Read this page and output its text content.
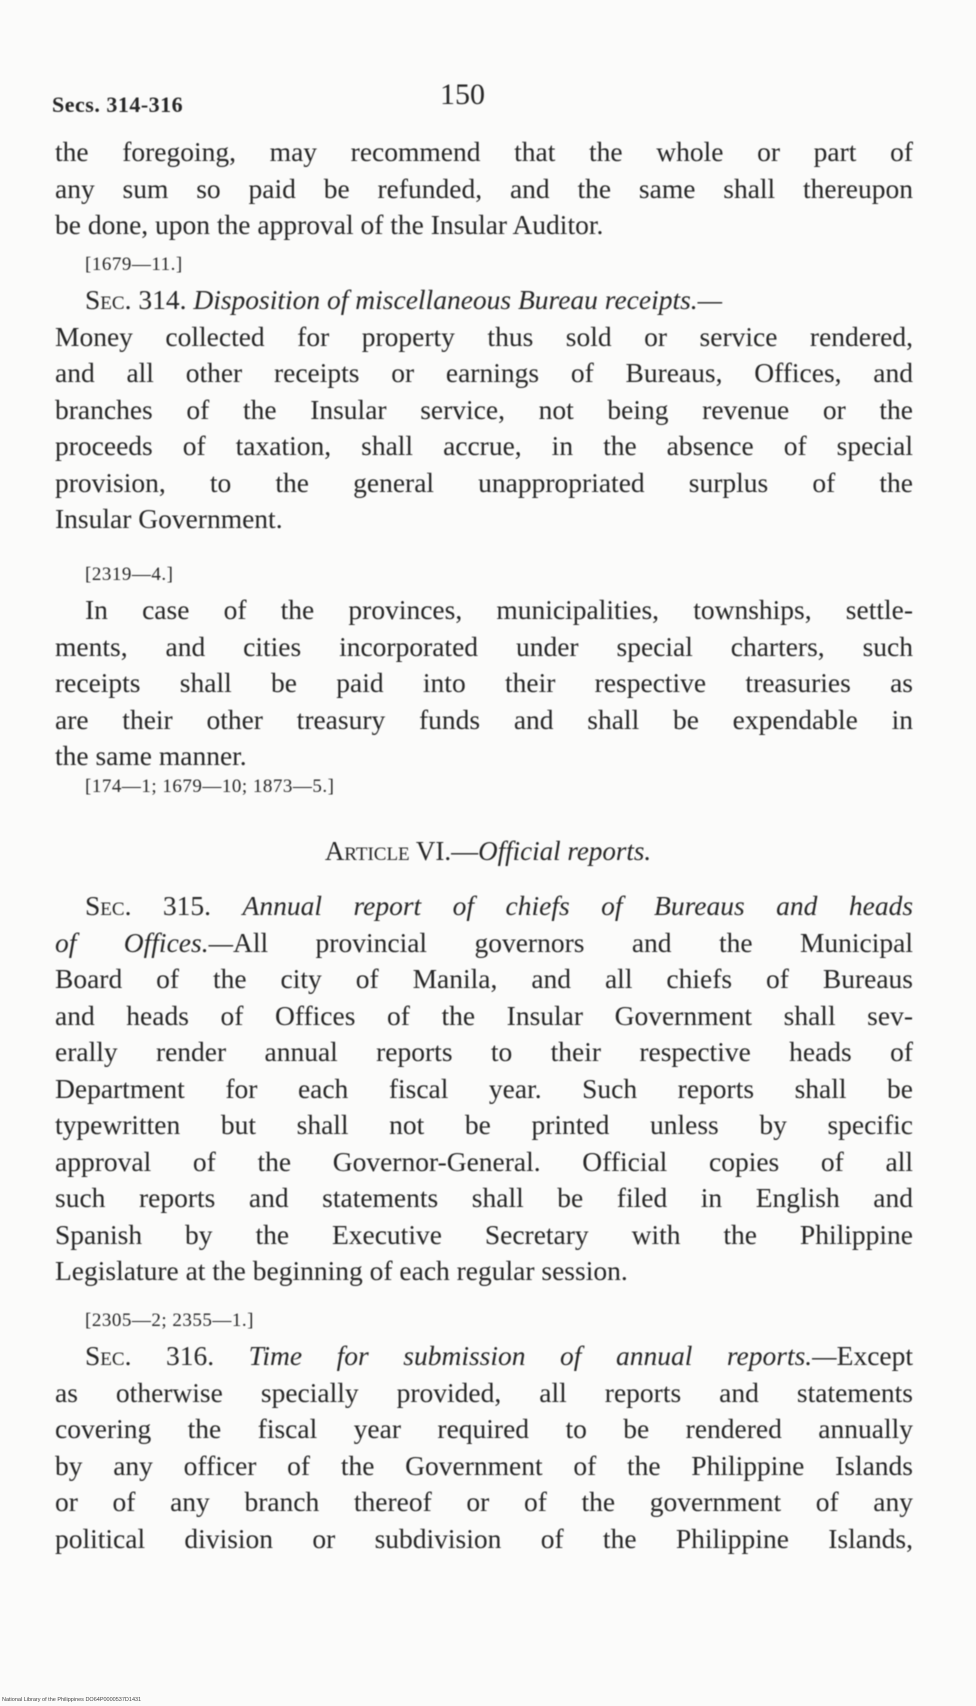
Secs. 314-316	150
the foregoing, may recommend that the whole or part of
any sum so paid be refunded, and the same shall thereupon
be done, upon the approval of the Insular Auditor.
[1679—11.]
Sec. 314. Disposition of miscellaneous Bureau receipts.—
Money collected for property thus sold or service rendered,
and all other receipts or earnings of Bureaus, Offices, and
branches of the Insular service, not being revenue or the
proceeds of taxation, shall accrue, in the absence of special
provision, to the general unappropriated surplus of the
Insular Government.
[2319—4.]
In case of the provinces, municipalities, townships, settle-
ments, and cities incorporated under special charters, such
receipts shall be paid into their respective treasuries as
are their other treasury funds and shall be expendable in
the same manner.
[174—1; 1679—10; 1873—5.]
Article VI.—Official reports.
Sec. 315. Annual report of chiefs of Bureaus and heads
of Offices.—All provincial governors and the Municipal
Board of the city of Manila, and all chiefs of Bureaus
and heads of Offices of the Insular Government shall sev-
erally render annual reports to their respective heads of
Department for each fiscal year. Such reports shall be
typewritten but shall not be printed unless by specific
approval of the Governor-General. Official copies of all
such reports and statements shall be filed in English and
Spanish by the Executive Secretary with the Philippine
Legislature at the beginning of each regular session.
[2305—2; 2355—1.]
Sec. 316. Time for submission of annual reports.—Except
as otherwise specially provided, all reports and statements
covering the fiscal year required to be rendered annually
by any officer of the Government of the Philippine Islands
or of any branch thereof or of the government of any
political division or subdivision of the Philippine Islands,
National Library of the Philippines DO64P0000537D1431
